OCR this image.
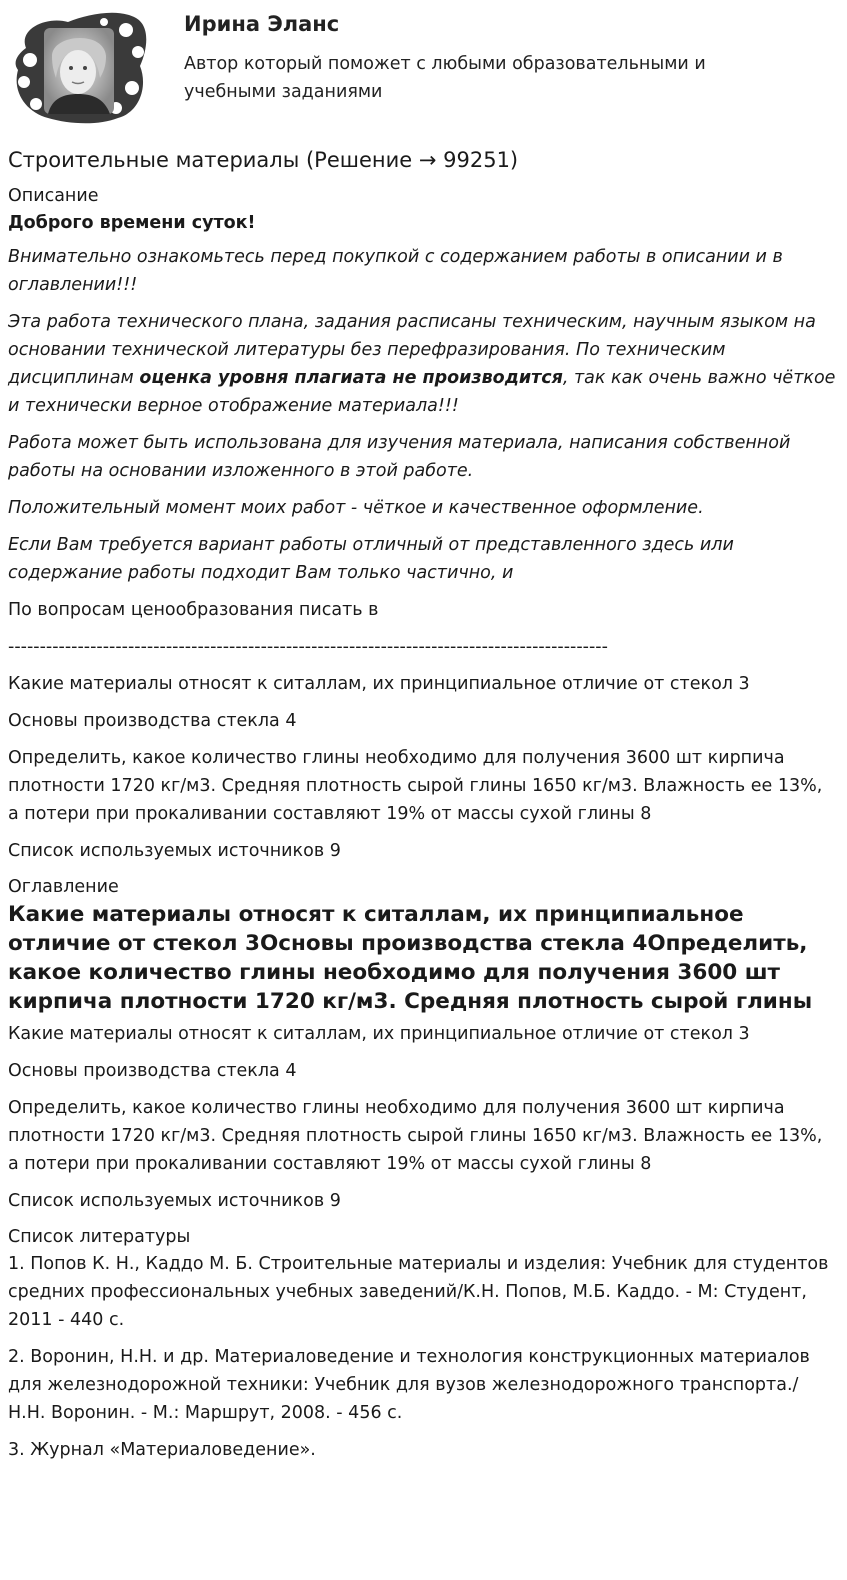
Ирина Эланс

Автор который поможет с любыми образовательными и учебными заданиями

Строительные материалы (Решение → 99251)
Описание

Доброго времени суток!

Внимательно ознакомьтесь перед покупкой с содержанием работы в описании и в оглавлении!!!

Эта работа технического плана, задания расписаны техническим, научным языком на основании технической литературы без перефразирования. По техническим дисциплинам оценка уровня плагиата не производится, так как очень важно чёткое и технически верное отображение материала!!!

Работа может быть использована для изучения материала, написания собственной работы на основании изложенного в этой работе.

Положительный момент моих работ - чёткое и качественное оформление.

Если Вам требуется вариант работы отличный от представленного здесь или содержание работы подходит Вам только частично, и

По вопросам ценообразования писать в

-----------------------------------------------------------------------------------------------

Какие материалы относят к ситаллам, их принципиальное отличие от стекол 3

Основы производства стекла 4

Определить, какое количество глины необходимо для получения 3600 шт кирпича плотности 1720 кг/м3. Средняя плотность сырой глины 1650 кг/м3. Влажность ее 13%, а потери при прокаливании составляют 19% от массы сухой глины 8

Список используемых источников 9

Оглавление
Какие материалы относят к ситаллам, их принципиальное отличие от стекол 3Основы производства стекла 4Определить, какое количество глины необходимо для получения 3600 шт кирпича плотности 1720 кг/м3. Средняя плотность сырой глины

Какие материалы относят к ситаллам, их принципиальное отличие от стекол 3

Основы производства стекла 4

Определить, какое количество глины необходимо для получения 3600 шт кирпича плотности 1720 кг/м3. Средняя плотность сырой глины 1650 кг/м3. Влажность ее 13%, а потери при прокаливании составляют 19% от массы сухой глины 8

Список используемых источников 9

Список литературы

1. Попов К. Н., Каддо М. Б. Строительные материалы и изделия: Учебник для студентов средних профессиональных учебных заведений/К.Н. Попов, М.Б. Каддо. - М: Студент, 2011 - 440 с.

2. Воронин, Н.Н. и др. Материаловедение и технология конструкционных материалов для железнодорожной техники: Учебник для вузов железнодорожного транспорта./ Н.Н. Воронин. - М.: Маршрут, 2008. - 456 с.

3. Журнал «Материаловедение».
